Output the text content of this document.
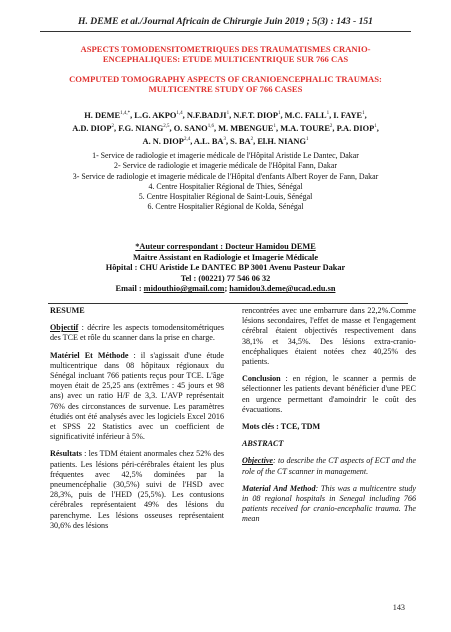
H. DEME et al./Journal Africain de Chirurgie Juin 2019 ; 5(3) : 143 - 151
ASPECTS TOMODENSITOMETRIQUES DES TRAUMATISMES CRANIO-ENCEPHALIQUES: ETUDE MULTICENTRIQUE SUR 766 CAS
COMPUTED TOMOGRAPHY ASPECTS OF CRANIOENCEPHALIC TRAUMAS: MULTICENTRE STUDY OF 766 CASES
H. $DEME^{1,4,*}$, L.G. AKPO$^{1,4}$, N.F.BADJI$^1$, N.F.T. DIOP$^1$, M.C. FALL$^1$, I. FAYE$^1$,
A.D. DIOP$^2$, F.G. NIANG$^{2,5}$, O. SANO$^{1,6}$, M. MBENGUE$^1$, M.A. TOURE$^2$, P.A. DIOP$^1$,
A. N. DIOP$^{2,4}$, A.L. $BA^3$, S. $BA^2$, El.H. NIANG$^1$
1- Service de radiologie et imagerie médicale de l'Hôpital Aristide Le Dantec, Dakar
2- Service de radiologie et imagerie médicale de l'Hôpital Fann, Dakar
3- Service de radiologie et imagerie médicale de l'Hôpital d'enfants Albert Royer de Fann, Dakar
4. Centre Hospitalier Régional de Thies, Sénégal
5. Centre Hospitalier Régional de Saint-Louis, Sénégal
6. Centre Hospitalier Régional de Kolda, Sénégal
*Auteur correspondant : Docteur Hamidou DEME
Maitre Assistant en Radiologie et Imagerie Médicale
Hôpital : CHU Aristide Le DANTEC BP 3001 Avenu Pasteur Dakar
Tel : (00221) 77 546 06 32
Email : midouthio@gmail.com; hamidou3.deme@ucad.edu.sn

RESUME

Objectif : décrire les aspects tomodensitométriques des TCE et rôle du scanner dans la prise en charge.

Matériel Et Méthode : il s'agissait d'une étude multicentrique dans 08 hôpitaux régionaux du Sénégal incluant 766 patients reçus pour TCE. L'âge moyen était de 25,25 ans (extrêmes : 45 jours et 98 ans) avec un ratio H/F de 3,3. L'AVP représentait 76% des circonstances de survenue. Les paramètres étudiés ont été analysés avec les logiciels Excel 2016 et SPSS 22 Statistics avec un coefficient de significativité inférieur à 5%.

Résultats : les TDM étaient anormales chez 52% des patients. Les lésions péri-cérébrales étaient les plus fréquentes avec 42,5% dominées par la pneumencéphalie (30,5%) suivi de l'HSD avec 28,3%, puis de l'HED (25,5%). Les contusions cérébrales représentaient 49% des lésions du parenchyme. Les lésions osseuses représentaient 30,6% des lésions

rencontrées avec une embarrure dans 22,2%.Comme lésions secondaires, l'effet de masse et l'engagement cérébral étaient objectivés respectivement dans 38,1% et 34,5%. Des lésions extra-cranio-encéphaliques étaient notées chez 40,25% des patients.

Conclusion : en région, le scanner a permis de sélectionner les patients devant bénéficier d'une PEC en urgence permettant d'amoindrir le coût des évacuations.

Mots clés : TCE, TDM

ABSTRACT

Objective: to describe the CT aspects of ECT and the role of the CT scanner in management.

Material And Method: This was a multicentre study in 08 regional hospitals in Senegal including 766 patients received for cranio-encephalic trauma. The mean

143
